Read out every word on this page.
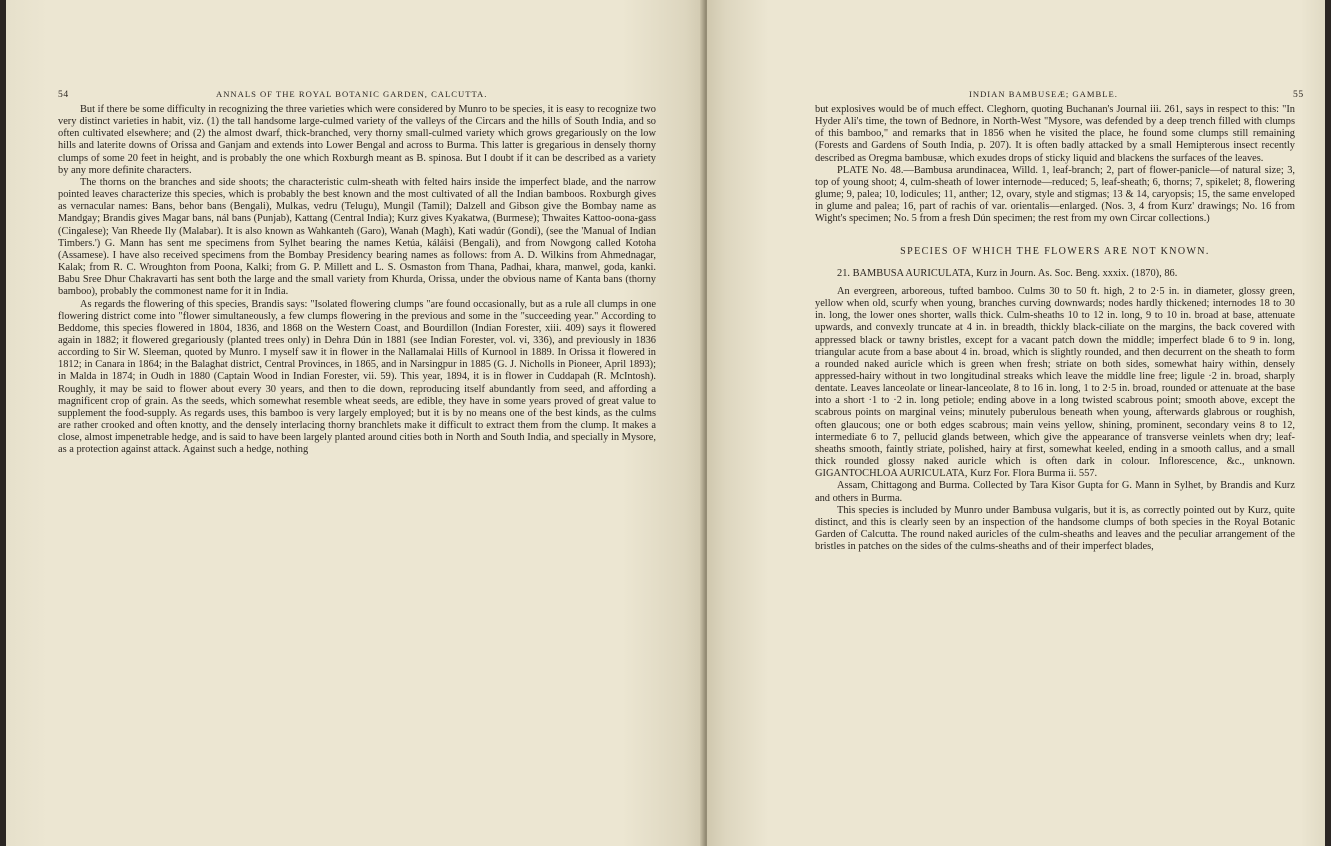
54	ANNALS OF THE ROYAL BOTANIC GARDEN, CALCUTTA.

But if there be some difficulty in recognizing the three varieties which were considered by Munro to be species, it is easy to recognize two very distinct varieties in habit, viz. (1) the tall handsome large-culmed variety of the valleys of the Circars and the hills of South India, and so often cultivated elsewhere; and (2) the almost dwarf, thick-branched, very thorny small-culmed variety which grows gregariously on the low hills and laterite downs of Orissa and Ganjam and extends into Lower Bengal and across to Burma. This latter is gregarious in densely thorny clumps of some 20 feet in height, and is probably the one which Roxburgh meant as B. spinosa. But I doubt if it can be described as a variety by any more definite characters.

The thorns on the branches and side shoots; the characteristic culm-sheath with felted hairs inside the imperfect blade, and the narrow pointed leaves characterize this species, which is probably the best known and the most cultivated of all the Indian bamboos. Roxburgh gives as vernacular names: Bans, behor bans (Bengali), Mulkas, vedru (Telugu), Mungil (Tamil); Dalzell and Gibson give the Bombay name as Mandgay; Brandis gives Magar bans, nál bans (Punjab), Kattang (Central India); Kurz gives Kyakatwa, (Burmese); Thwaites Kattoo-oona-gass (Cingalese); Van Rheede Ily (Malabar). It is also known as Wahkanteh (Garo), Wanah (Magh), Kati wadúr (Gondi), (see the 'Manual of Indian Timbers.') G. Mann has sent me specimens from Sylhet bearing the names Ketúa, káláisi (Bengali), and from Nowgong called Kotoha (Assamese). I have also received specimens from the Bombay Presidency bearing names as follows: from A. D. Wilkins from Ahmednagar, Kalak; from R. C. Wroughton from Poona, Kalki; from G. P. Millett and L. S. Osmaston from Thana, Padhai, khara, manwel, goda, kanki. Babu Sree Dhur Chakravarti has sent both the large and the small variety from Khurda, Orissa, under the obvious name of Kanta bans (thorny bamboo), probably the commonest name for it in India.

As regards the flowering of this species, Brandis says: "Isolated flowering clumps "are found occasionally, but as a rule all clumps in one flowering district come into "flower simultaneously, a few clumps flowering in the previous and some in the "succeeding year." According to Beddome, this species flowered in 1804, 1836, and 1868 on the Western Coast, and Bourdillon (Indian Forester, xiii. 409) says it flowered again in 1882; it flowered gregariously (planted trees only) in Dehra Dún in 1881 (see Indian Forester, vol. vi, 336), and previously in 1836 according to Sir W. Sleeman, quoted by Munro. I myself saw it in flower in the Nallamalai Hills of Kurnool in 1889. In Orissa it flowered in 1812; in Canara in 1864; in the Balaghat district, Central Provinces, in 1865, and in Narsingpur in 1885 (G. J. Nicholls in Pioneer, April 1893); in Malda in 1874; in Oudh in 1880 (Captain Wood in Indian Forester, vii. 59). This year, 1894, it is in flower in Cuddapah (R. McIntosh). Roughly, it may be said to flower about every 30 years, and then to die down, reproducing itself abundantly from seed, and affording a magnificent crop of grain. As the seeds, which somewhat resemble wheat seeds, are edible, they have in some years proved of great value to supplement the food-supply. As regards uses, this bamboo is very largely employed; but it is by no means one of the best kinds, as the culms are rather crooked and often knotty, and the densely interlacing thorny branchlets make it difficult to extract them from the clump. It makes a close, almost impenetrable hedge, and is said to have been largely planted around cities both in North and South India, and specially in Mysore, as a protection against attack. Against such a hedge, nothing

INDIAN BAMBUSEÆ; GAMBLE.	55

but explosives would be of much effect. Cleghorn, quoting Buchanan's Journal iii. 261, says in respect to this: "In Hyder Ali's time, the town of Bednore, in North-West "Mysore, was defended by a deep trench filled with clumps of this bamboo," and remarks that in 1856 when he visited the place, he found some clumps still remaining (Forests and Gardens of South India, p. 207). It is often badly attacked by a small Hemipterous insect recently described as Oregma bambusæ, which exudes drops of sticky liquid and blackens the surfaces of the leaves.

PLATE No. 48.—Bambusa arundinacea, Willd. 1, leaf-branch; 2, part of flower-panicle—of natural size; 3, top of young shoot; 4, culm-sheath of lower internode—reduced; 5, leaf-sheath; 6, thorns; 7, spikelet; 8, flowering glume; 9, palea; 10, lodicules; 11, anther; 12, ovary, style and stigmas; 13 & 14, caryopsis; 15, the same enveloped in glume and palea; 16, part of rachis of var. orientalis—enlarged. (Nos. 3, 4 from Kurz' drawings; No. 16 from Wight's specimen; No. 5 from a fresh Dún specimen; the rest from my own Circar collections.)

SPECIES OF WHICH THE FLOWERS ARE NOT KNOWN.

21. BAMBUSA AURICULATA, Kurz in Journ. As. Soc. Beng. xxxix. (1870), 86.

An evergreen, arboreous, tufted bamboo. Culms 30 to 50 ft. high, 2 to 2·5 in. in diameter, glossy green, yellow when old, scurfy when young, branches curving downwards; nodes hardly thickened; internodes 18 to 30 in. long, the lower ones shorter, walls thick. Culm-sheaths 10 to 12 in. long, 9 to 10 in. broad at base, attenuate upwards, and convexly truncate at 4 in. in breadth, thickly black-ciliate on the margins, the back covered with appressed black or tawny bristles, except for a vacant patch down the middle; imperfect blade 6 to 9 in. long, triangular acute from a base about 4 in. broad, which is slightly rounded, and then decurrent on the sheath to form a rounded naked auricle which is green when fresh; striate on both sides, somewhat hairy within, densely appressed-hairy without in two longitudinal streaks which leave the middle line free; ligule ·2 in. broad, sharply dentate. Leaves lanceolate or linear-lanceolate, 8 to 16 in. long, 1 to 2·5 in. broad, rounded or attenuate at the base into a short ·1 to ·2 in. long petiole; ending above in a long twisted scabrous point; smooth above, except the scabrous points on marginal veins; minutely puberulous beneath when young, afterwards glabrous or roughish, often glaucous; one or both edges scabrous; main veins yellow, shining, prominent, secondary veins 8 to 12, intermediate 6 to 7, pellucid glands between, which give the appearance of transverse veinlets when dry; leaf-sheaths smooth, faintly striate, polished, hairy at first, somewhat keeled, ending in a smooth callus, and a small thick rounded glossy naked auricle which is often dark in colour. Inflorescence, &c., unknown. GIGANTOCHLOA AURICULATA, Kurz For. Flora Burma ii. 557.

Assam, Chittagong and Burma. Collected by Tara Kisor Gupta for G. Mann in Sylhet, by Brandis and Kurz and others in Burma.

This species is included by Munro under Bambusa vulgaris, but it is, as correctly pointed out by Kurz, quite distinct, and this is clearly seen by an inspection of the handsome clumps of both species in the Royal Botanic Garden of Calcutta. The round naked auricles of the culm-sheaths and leaves and the peculiar arrangement of the bristles in patches on the sides of the culms-sheaths and of their imperfect blades,
